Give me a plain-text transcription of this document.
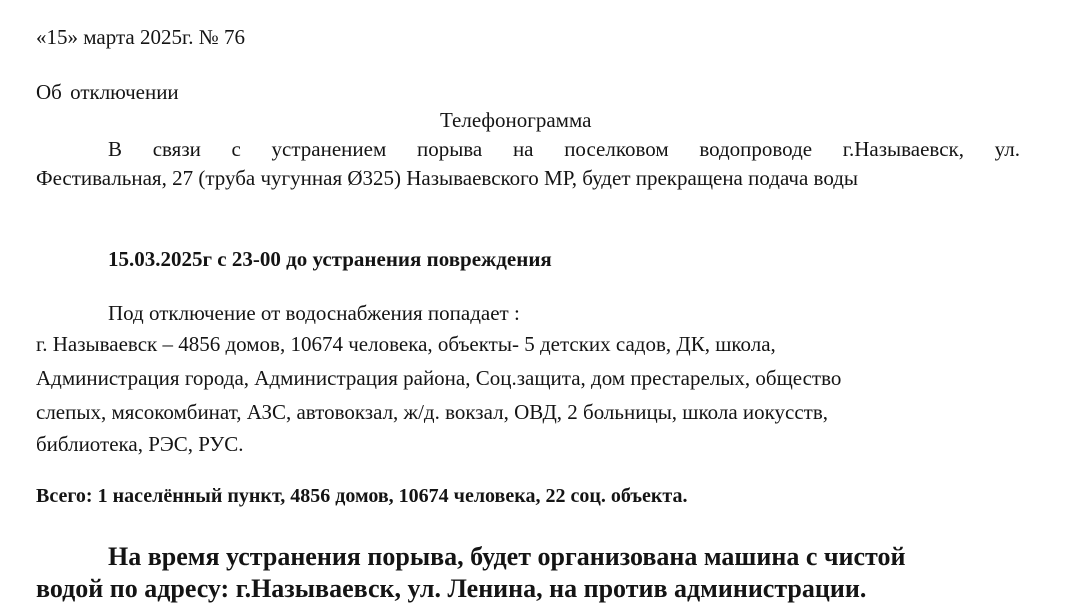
«15» марта 2025г. № 76
Об отключении
Телефонограмма
В связи с устранением порыва на поселковом водопроводе г.Называевск, ул.
Фестивальная, 27 (труба чугунная Ø325) Называевского МР, будет прекращена подача воды
15.03.2025г с 23-00 до устранения повреждения
Под отключение от водоснабжения попадает :
г. Называевск – 4856 домов, 10674 человека, объекты- 5 детских садов, ДК, школа,
Администрация города, Администрация района, Соц.защита, дом престарелых, общество
слепых, мясокомбинат, АЗС, автовокзал, ж/д. вокзал, ОВД, 2 больницы, школа иокусств,
библиотека, РЭС, РУС.
Всего: 1 населённый пункт, 4856 домов, 10674 человека, 22 соц. объекта.
На время устранения порыва, будет организована машина с чистой
водой по адресу: г.Называевск, ул. Ленина, на против администрации.
